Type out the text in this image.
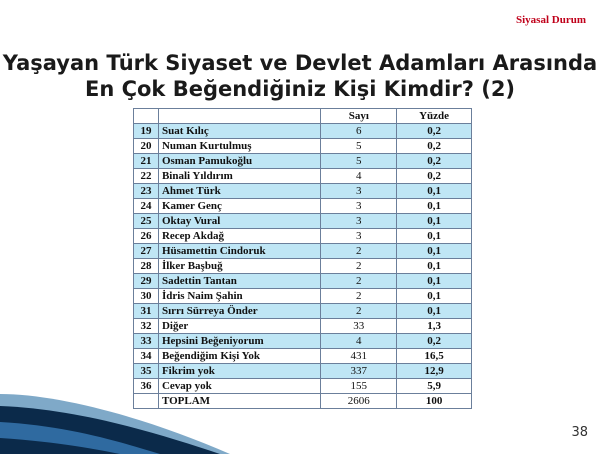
Siyasal Durum
Yaşayan Türk Siyaset ve Devlet Adamları Arasında
En Çok Beğendiğiniz Kişi Kimdir? (2)
		Sayı	Yüzde
19	Suat Kılıç	6	0,2
20	Numan Kurtulmuş	5	0,2
21	Osman Pamukoğlu	5	0,2
22	Binali Yıldırım	4	0,2
23	Ahmet Türk	3	0,1
24	Kamer Genç	3	0,1
25	Oktay Vural	3	0,1
26	Recep Akdağ	3	0,1
27	Hüsamettin Cindoruk	2	0,1
28	İlker Başbuğ	2	0,1
29	Sadettin Tantan	2	0,1
30	İdris Naim Şahin	2	0,1
31	Sırrı Sürreya Önder	2	0,1
32	Diğer	33	1,3
33	Hepsini Beğeniyorum	4	0,2
34	Beğendiğim Kişi Yok	431	16,5
35	Fikrim yok	337	12,9
36	Cevap yok	155	5,9
	TOPLAM	2606	100
38
